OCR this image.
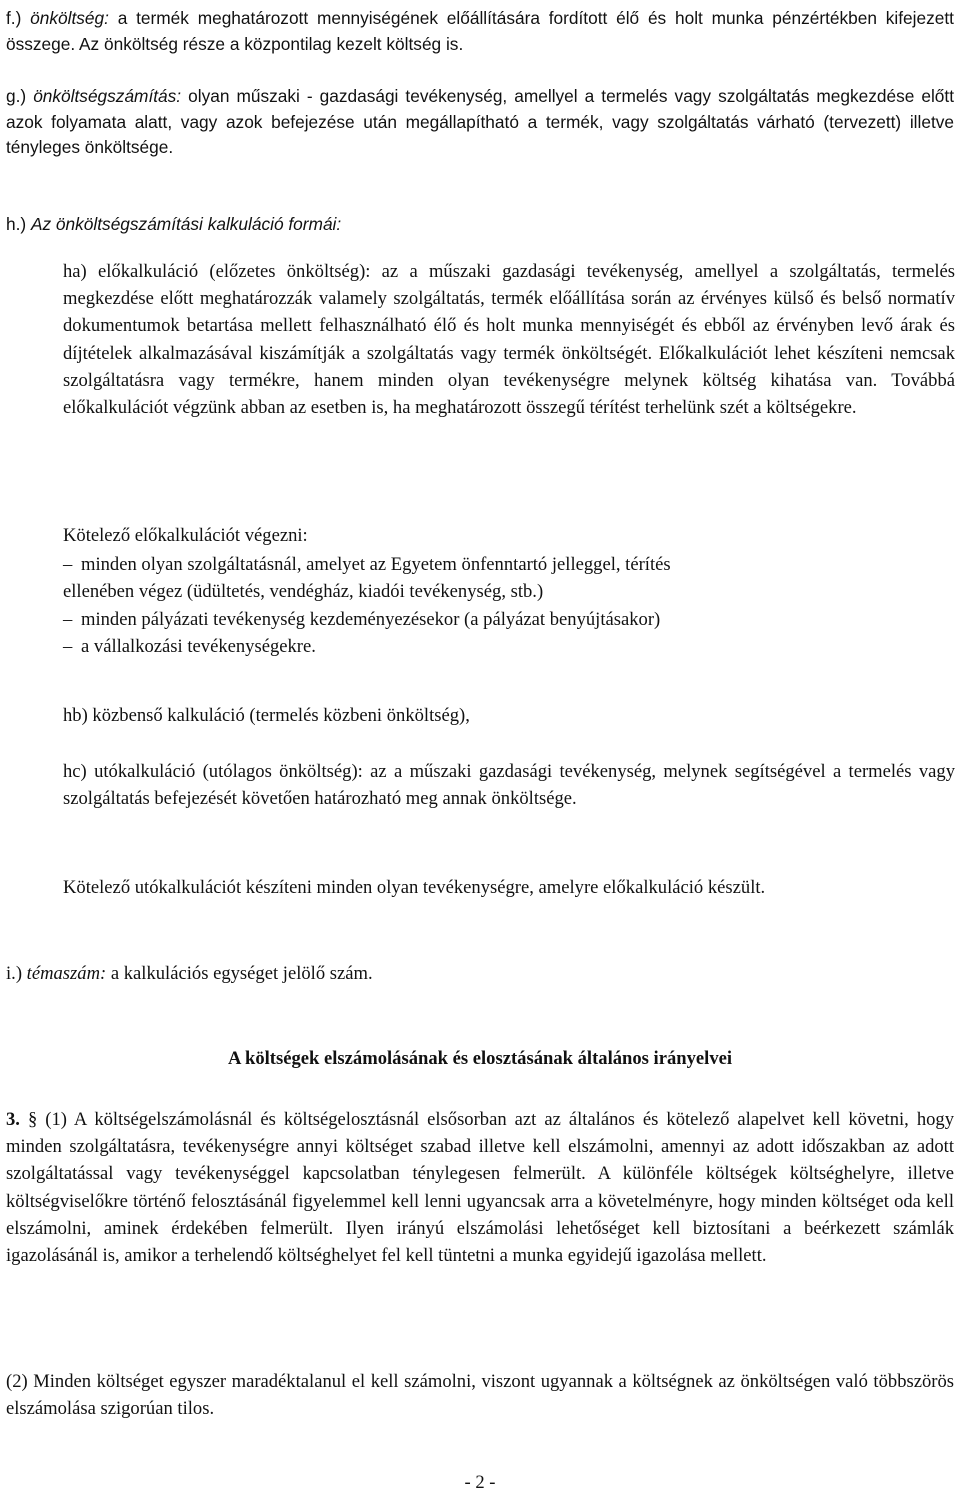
f.) önköltség: a termék meghatározott mennyiségének előállítására fordított élő és holt munka pénzértékben kifejezett összege. Az önköltség része a központilag kezelt költség is.

g.) önköltségszámítás: olyan műszaki - gazdasági tevékenység, amellyel a termelés vagy szolgáltatás megkezdése előtt azok folyamata alatt, vagy azok befejezése után megállapítható a termék, vagy szolgáltatás várható (tervezett) illetve tényleges önköltsége.

h.) Az önköltségszámítási kalkuláció formái:

ha) előkalkuláció (előzetes önköltség): az a műszaki gazdasági tevékenység, amellyel a szolgáltatás, termelés megkezdése előtt meghatározzák valamely szolgáltatás, termék előállítása során az érvényes külső és belső normatív dokumentumok betartása mellett felhasználható élő és holt munka mennyiségét és ebből az érvényben levő árak és díjtételek alkalmazásával kiszámítják a szolgáltatás vagy termék önköltségét. Előkalkulációt lehet készíteni nemcsak szolgáltatásra vagy termékre, hanem minden olyan tevékenységre melynek költség kihatása van. Továbbá előkalkulációt végzünk abban az esetben is, ha meghatározott összegű térítést terhelünk szét a költségekre.

Kötelező előkalkulációt végezni:

– minden olyan szolgáltatásnál, amelyet az Egyetem önfenntartó jelleggel, térítés

ellenében végez (üdültetés, vendégház, kiadói tevékenység, stb.)

– minden pályázati tevékenység kezdeményezésekor (a pályázat benyújtásakor)

– a vállalkozási tevékenységekre.

hb) közbenső kalkuláció (termelés közbeni önköltség),

hc) utókalkuláció (utólagos önköltség): az a műszaki gazdasági tevékenység, melynek segítségével a termelés vagy szolgáltatás befejezését követően határozható meg annak önköltsége.

Kötelező utókalkulációt készíteni minden olyan tevékenységre, amelyre előkalkuláció készült.

i.) témaszám: a kalkulációs egységet jelölő szám.

A költségek elszámolásának és elosztásának általános irányelvei

3. § (1) A költségelszámolásnál és költségelosztásnál elsősorban azt az általános és kötelező alapelvet kell követni, hogy minden szolgáltatásra, tevékenységre annyi költséget szabad illetve kell elszámolni, amennyi az adott időszakban az adott szolgáltatással vagy tevékenységgel kapcsolatban ténylegesen felmerült. A különféle költségek költséghelyre, illetve költségviselőkre történő felosztásánál figyelemmel kell lenni ugyancsak arra a követelményre, hogy minden költséget oda kell elszámolni, aminek érdekében felmerült. Ilyen irányú elszámolási lehetőséget kell biztosítani a beérkezett számlák igazolásánál is, amikor a terhelendő költséghelyet fel kell tüntetni a munka egyidejű igazolása mellett.

(2) Minden költséget egyszer maradéktalanul el kell számolni, viszont ugyannak a költségnek az önköltségen való többszörös elszámolása szigorúan tilos.

- 2 -
